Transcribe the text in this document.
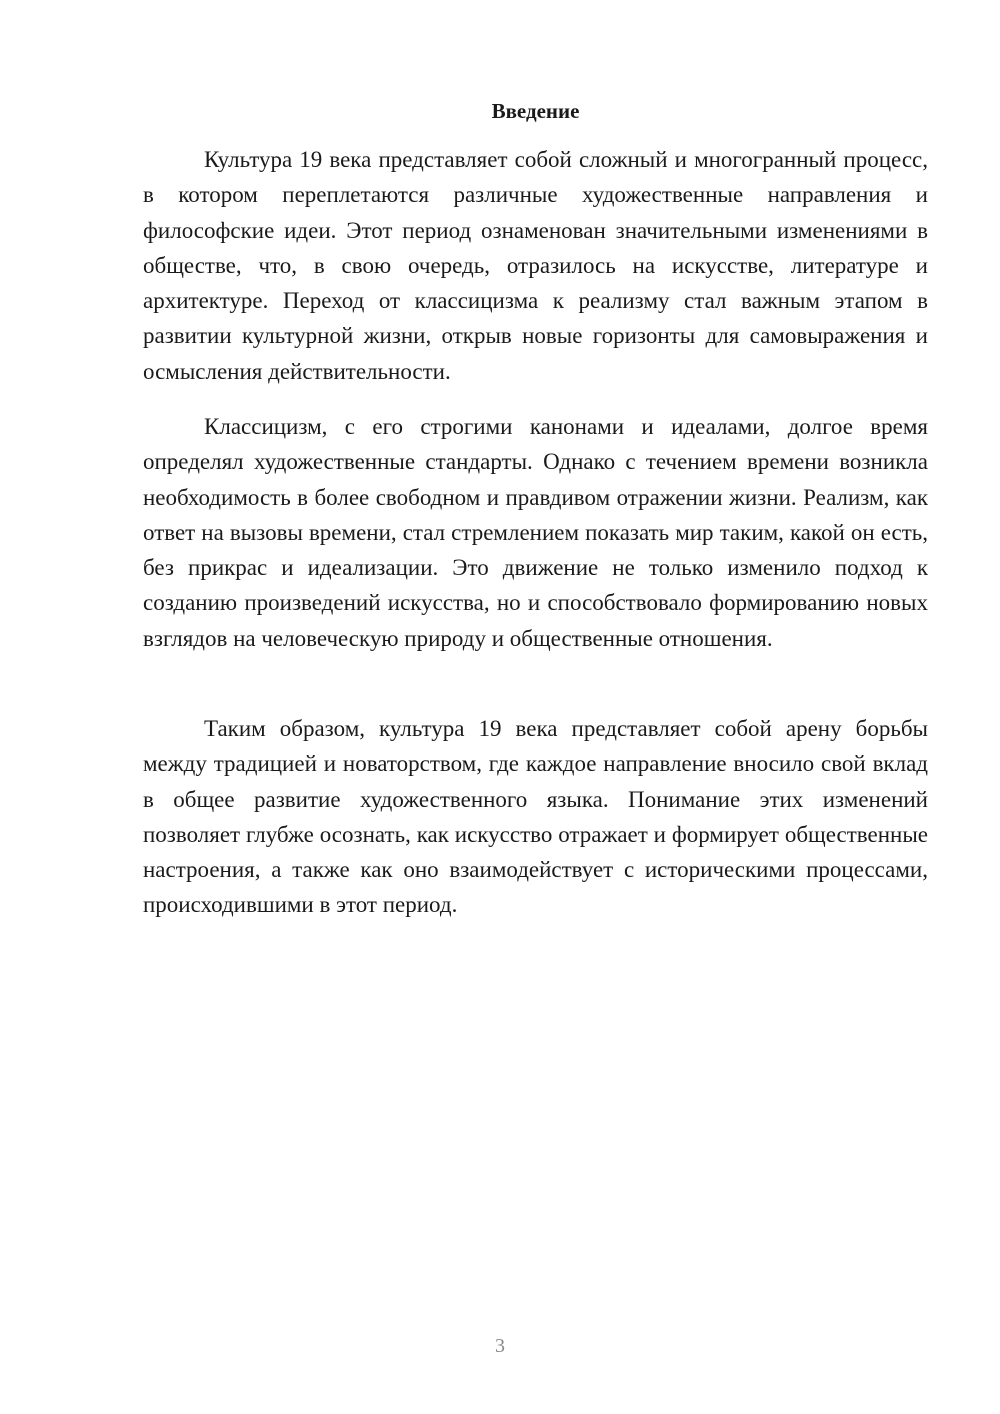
Введение

Культура 19 века представляет собой сложный и многогранный процесс, в котором переплетаются различные художественные направления и философские идеи. Этот период ознаменован значительными изменениями в обществе, что, в свою очередь, отразилось на искусстве, литературе и архитектуре. Переход от классицизма к реализму стал важным этапом в развитии культурной жизни, открыв новые горизонты для самовыражения и осмысления действительности.

Классицизм, с его строгими канонами и идеалами, долгое время определял художественные стандарты. Однако с течением времени возникла необходимость в более свободном и правдивом отражении жизни. Реализм, как ответ на вызовы времени, стал стремлением показать мир таким, какой он есть, без прикрас и идеализации. Это движение не только изменило подход к созданию произведений искусства, но и способствовало формированию новых взглядов на человеческую природу и общественные отношения.

Таким образом, культура 19 века представляет собой арену борьбы между традицией и новаторством, где каждое направление вносило свой вклад в общее развитие художественного языка. Понимание этих изменений позволяет глубже осознать, как искусство отражает и формирует общественные настроения, а также как оно взаимодействует с историческими процессами, происходившими в этот период.

3
